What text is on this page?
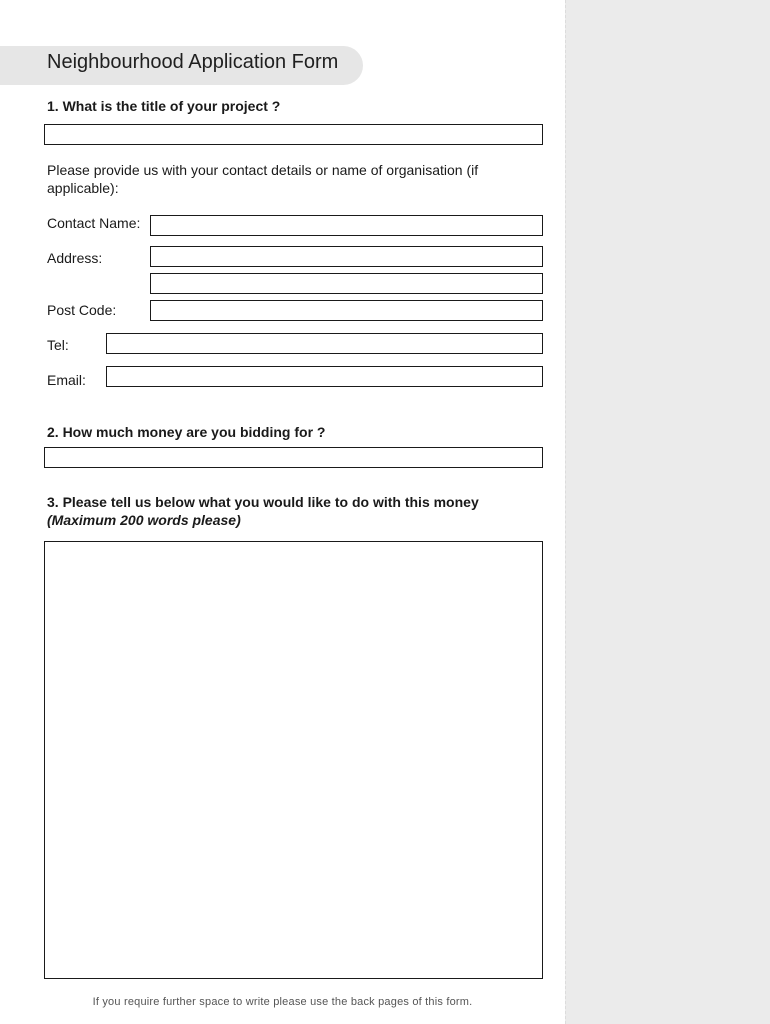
Neighbourhood Application Form
1. What is the title of your project ?
Please provide us with your contact details or name of organisation (if
applicable):
Contact Name:
Address:
Post Code:
Tel:
Email:
2. How much money are you bidding for ?
3. Please tell us below what you would like to do with this money
(Maximum 200 words please)
If you require further space to write please use the back pages of this form.
